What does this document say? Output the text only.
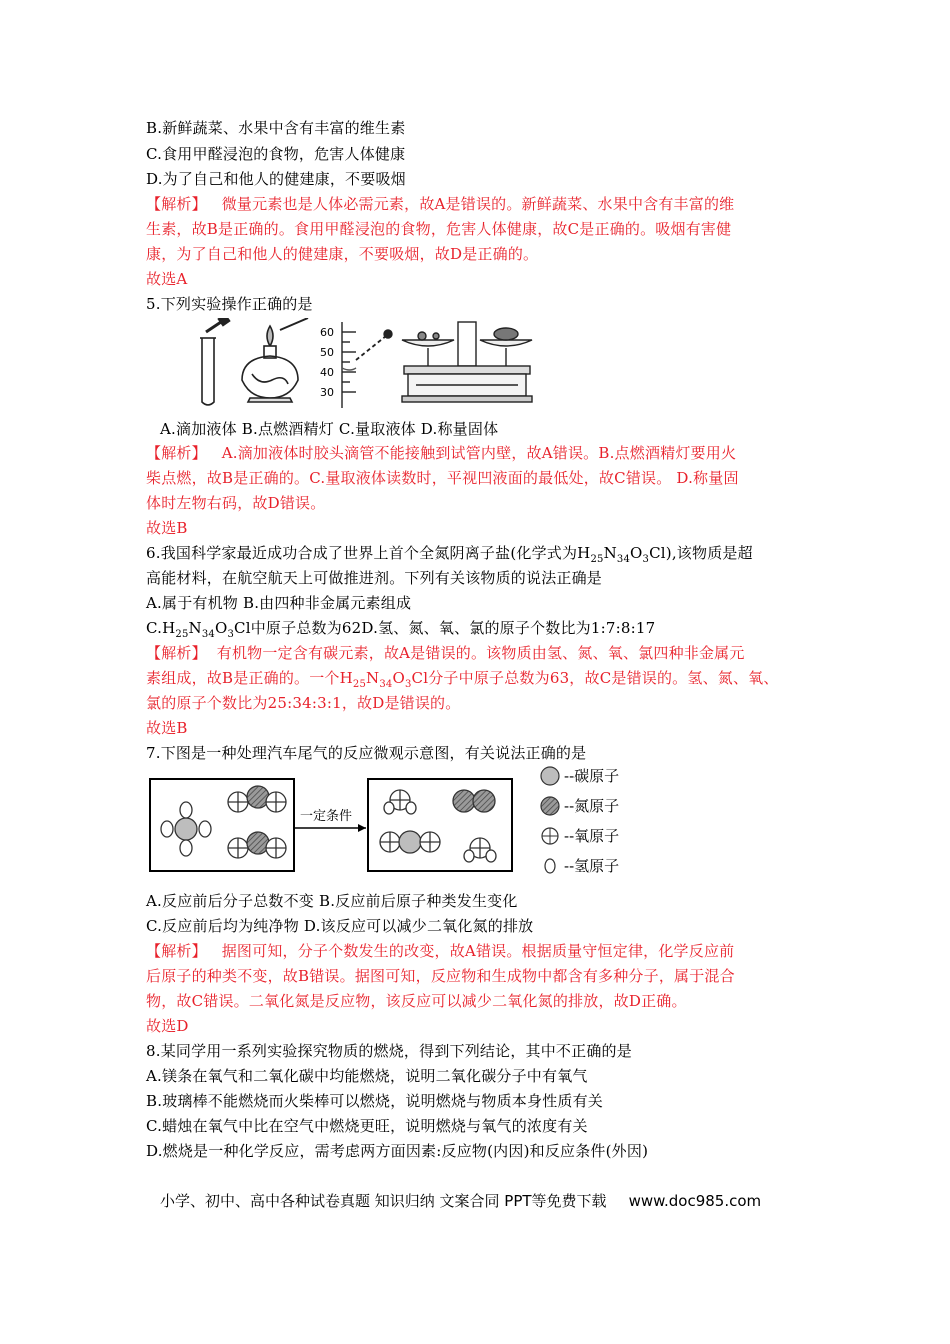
B.新鲜蔬菜、水果中含有丰富的维生素
C.食用甲醛浸泡的食物，危害人体健康
D.为了自己和他人的健建康，不要吸烟
【解析】 微量元素也是人体必需元素，故A是错误的。新鲜蔬菜、水果中含有丰富的维
生素，故B是正确的。食用甲醛浸泡的食物，危害人体健康，故C是正确的。吸烟有害健
康，为了自己和他人的健建康，不要吸烟，故D是正确的。
故选A
5.下列实验操作正确的是
60
50
40
30
A.滴加液体 B.点燃酒精灯 C.量取液体 D.称量固体
【解析】 A.滴加液体时胶头滴管不能接触到试管内壁，故A错误。B.点燃酒精灯要用火
柴点燃，故B是正确的。C.量取液体读数时，平视凹液面的最低处，故C错误。 D.称量固
体时左物右码，故D错误。
故选B
6.我国科学家最近成功合成了世界上首个全氮阴离子盐(化学式为$H_{25}N_{34}O_3Cl$),该物质是超
高能材料，在航空航天上可做推进剂。下列有关该物质的说法正确是
A.属于有机物 B.由四种非金属元素组成
$C.H_{25}N_{34}O_3Cl$中原子总数为62D.氢、氮、氧、氯的原子个数比为1:7:8:17
【解析】 有机物一定含有碳元素，故A是错误的。该物质由氢、氮、氧、氯四种非金属元
素组成，故B是正确的。一个$H_{25}N_{34}O_3Cl$分子中原子总数为63，故C是错误的。氢、氮、氧、
氯的原子个数比为25:34:3:1，故D是错误的。
故选B
7.下图是一种处理汽车尾气的反应微观示意图，有关说法正确的是
一定条件
--碳原子
--氮原子
--氧原子
--氢原子
A.反应前后分子总数不变 B.反应前后原子种类发生变化
C.反应前后均为纯净物 D.该反应可以减少二氧化氮的排放
【解析】 据图可知，分子个数发生的改变，故A错误。根据质量守恒定律，化学反应前
后原子的种类不变，故B错误。据图可知，反应物和生成物中都含有多种分子，属于混合
物，故C错误。二氧化氮是反应物，该反应可以减少二氧化氮的排放，故D正确。
故选D
8.某同学用一系列实验探究物质的燃烧，得到下列结论，其中不正确的是
A.镁条在氧气和二氧化碳中均能燃烧，说明二氧化碳分子中有氧气
B.玻璃棒不能燃烧而火柴棒可以燃烧，说明燃烧与物质本身性质有关
C.蜡烛在氧气中比在空气中燃烧更旺，说明燃烧与氧气的浓度有关
D.燃烧是一种化学反应，需考虑两方面因素:反应物(内因)和反应条件(外因)
小学、初中、高中各种试卷真题 知识归纳 文案合同 PPT等免费下载 www.doc985.com
